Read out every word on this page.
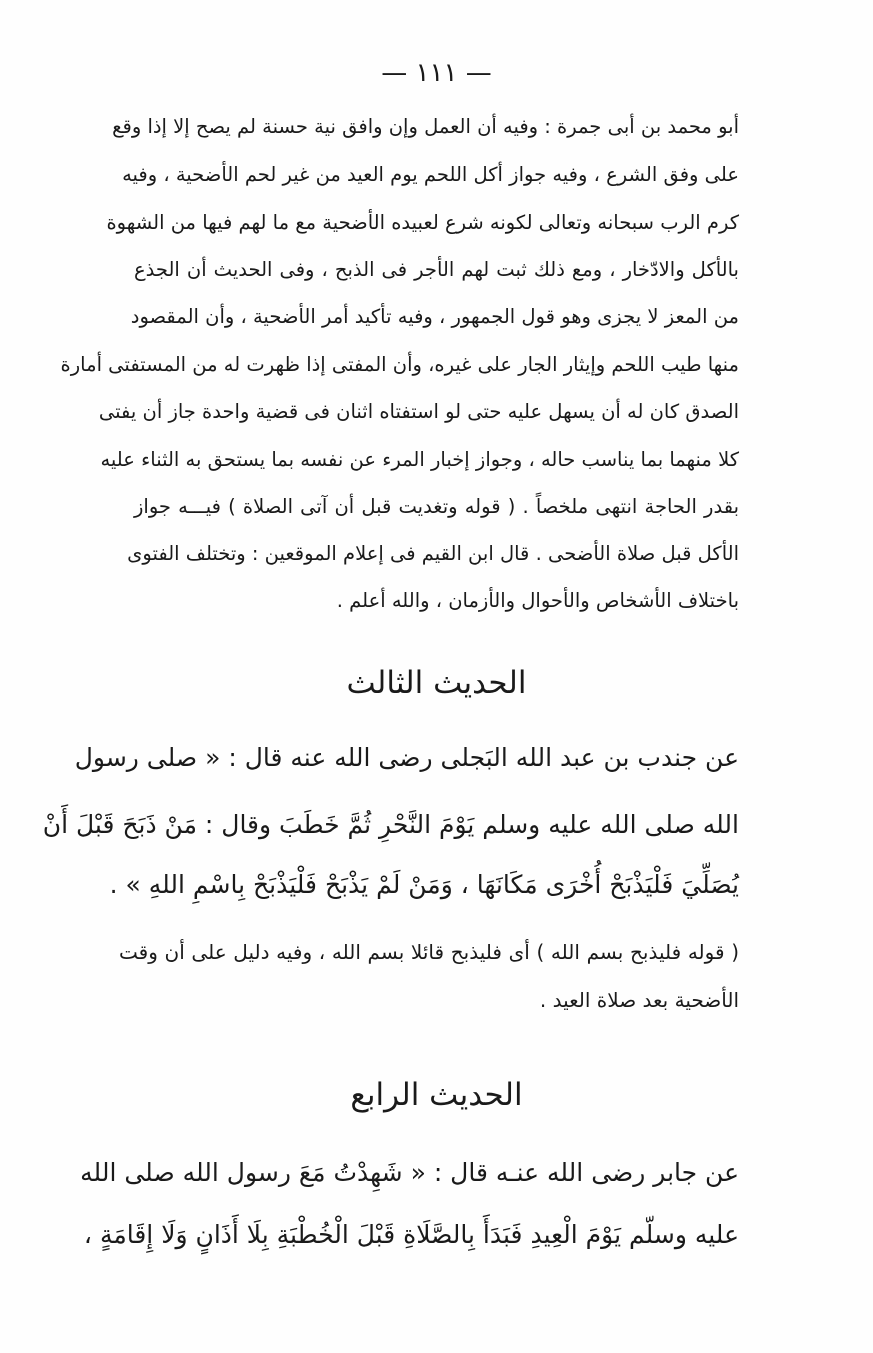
— ١١١ —
أبو محمد بن أبى جمرة : وفيه أن العمل وإن وافق نية حسنة لم يصح إلا إذا وقع
على وفق الشرع ، وفيه جواز أكل اللحم يوم العيد من غير لحم الأضحية ، وفيه
كرم الرب سبحانه وتعالى لكونه شرع لعبيده الأضحية مع ما لهم فيها من الشهوة
بالأكل والادّخار ، ومع ذلك ثبت لهم الأجر فى الذبح ، وفى الحديث أن الجذع
من المعز لا يجزى وهو قول الجمهور ، وفيه تأكيد أمر الأضحية ، وأن المقصود
منها طيب اللحم وإيثار الجار على غيره، وأن المفتى إذا ظهرت له من المستفتى أمارة
الصدق كان له أن يسهل عليه حتى لو استفتاه اثنان فى قضية واحدة جاز أن يفتى
كلا منهما بما يناسب حاله ، وجواز إخبار المرء عن نفسه بما يستحق به الثناء عليه
بقدر الحاجة انتهى ملخصاً . ( قوله وتغديت قبل أن آتى الصلاة ) فيـــه جواز
الأكل قبل صلاة الأضحى . قال ابن القيم فى إعلام الموقعين : وتختلف الفتوى
باختلاف الأشخاص والأحوال والأزمان ، والله أعلم .
الحديث الثالث
عن جندب بن عبد الله البَجلى رضى الله عنه قال : « صلى رسول
الله صلى الله عليه وسلم يَوْمَ النَّحْرِ ثُمَّ خَطَبَ وقال : مَنْ ذَبَحَ قَبْلَ أَنْ
يُصَلِّيَ فَلْيَذْبَحْ أُخْرَى مَكَانَهَا ، وَمَنْ لَمْ يَذْبَحْ فَلْيَذْبَحْ بِاسْمِ اللهِ » .
( قوله فليذبح بسم الله ) أى فليذبح قائلا بسم الله ، وفيه دليل على أن وقت
الأضحية بعد صلاة العيد .
الحديث الرابع
عن جابر رضى الله عنـه قال : « شَهِدْتُ مَعَ رسول الله صلى الله
عليه وسلّم يَوْمَ الْعِيدِ فَبَدَأَ بِالصَّلَاةِ قَبْلَ الْخُطْبَةِ بِلَا أَذَانٍ وَلَا إِقَامَةٍ ،
